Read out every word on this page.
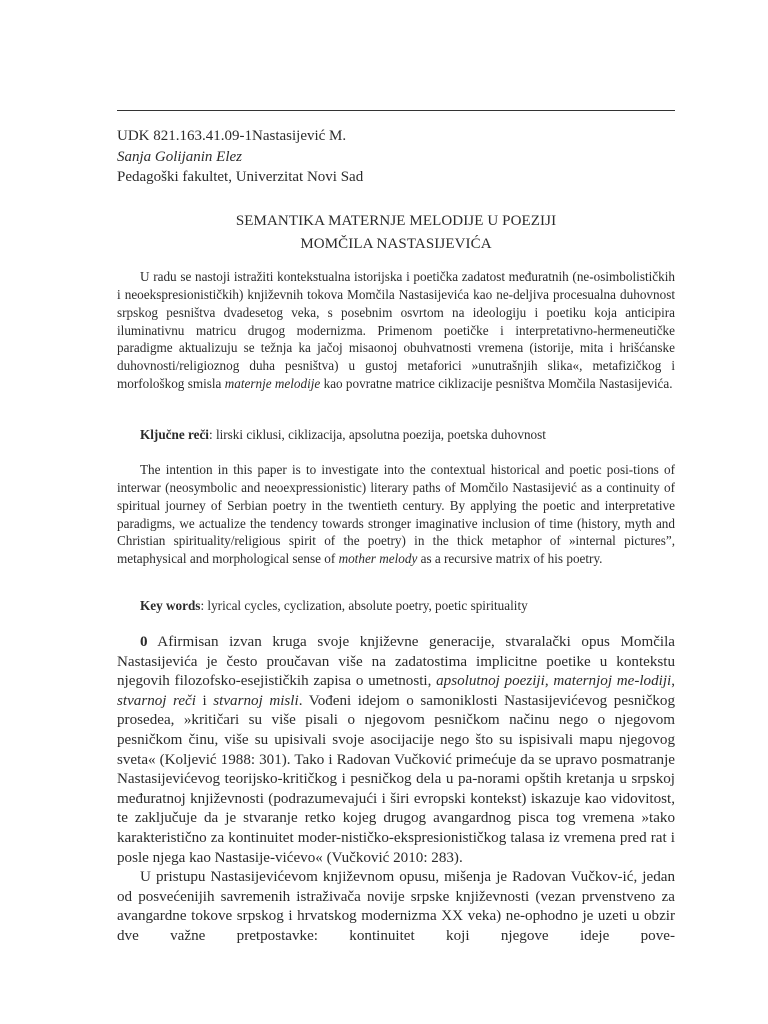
UDK 821.163.41.09-1Nastasijević M.
Sanja Golijanin Elez
Pedagoški fakultet, Univerzitat Novi Sad
SEMANTIKA MATERNJE MELODIJE U POEZIJI
MOMČILA NASTASIJEVIĆA

U radu se nastoji istražiti kontekstualna istorijska i poetička zadatost međuratnih (ne-osimbolističkih i neoekspresionističkih) književnih tokova Momčila Nastasijevića kao ne-deljiva procesualna duhovnost srpskog pesništva dvadesetog veka, s posebnim osvrtom na ideologiju i poetiku koja anticipira iluminativnu matricu drugog modernizma. Primenom poetičke i interpretativno-hermeneutičke paradigme aktualizuju se težnja ka jačoj misaonoj obuhvatnosti vremena (istorije, mita i hrišćanske duhovnosti/religioznog duha pesništva) u gustoj metaforici »unutrašnjih slika«, metafizičkog i morfološkog smisla maternje melodije kao povratne matrice ciklizacije pesništva Momčila Nastasijevića.

Ključne reči: lirski ciklusi, ciklizacija, apsolutna poezija, poetska duhovnost

The intention in this paper is to investigate into the contextual historical and poetic posi-tions of interwar (neosymbolic and neoexpressionistic) literary paths of Momčilo Nastasijević as a continuity of spiritual journey of Serbian poetry in the twentieth century. By applying the poetic and interpretative paradigms, we actualize the tendency towards stronger imaginative inclusion of time (history, myth and Christian spirituality/religious spirit of the poetry) in the thick metaphor of »internal pictures”, metaphysical and morphological sense of mother melody as a recursive matrix of his poetry.

Key words: lyrical cycles, cyclization, absolute poetry, poetic spirituality

0 Afirmisan izvan kruga svoje književne generacije, stvaralački opus Momčila Nastasijevića je često proučavan više na zadatostima implicitne poetike u kontekstu njegovih filozofsko-esejističkih zapisa o umetnosti, apsolutnoj poeziji, maternjoj me-lodiji, stvarnoj reči i stvarnoj misli. Vođeni idejom o samoniklosti Nastasijevićevog pesničkog prosedea, »kritičari su više pisali o njegovom pesničkom načinu nego o njegovom pesničkom činu, više su upisivali svoje asocijacije nego što su ispisivali mapu njegovog sveta« (Koljević 1988: 301). Tako i Radovan Vučković primećuje da se upravo posmatranje Nastasijevićevog teorijsko-kritičkog i pesničkog dela u pa-norami opštih kretanja u srpskoj međuratnoj književnosti (podrazumevajući i širi evropski kontekst) iskazuje kao vidovitost, te zaključuje da je stvaranje retko kojeg drugog avangardnog pisca tog vremena »tako karakteristično za kontinuitet moder-nističko-ekspresionističkog talasa iz vremena pred rat i posle njega kao Nastasije-vićevo« (Vučković 2010: 283).

U pristupu Nastasijevićevom književnom opusu, mišenja je Radovan Vučkov-ić, jedan od posvećenijih savremenih istraživača novije srpske književnosti (vezan prvenstveno za avangardne tokove srpskog i hrvatskog modernizma XX veka) ne-ophodno je uzeti u obzir dve važne pretpostavke: kontinuitet koji njegove ideje pove-
